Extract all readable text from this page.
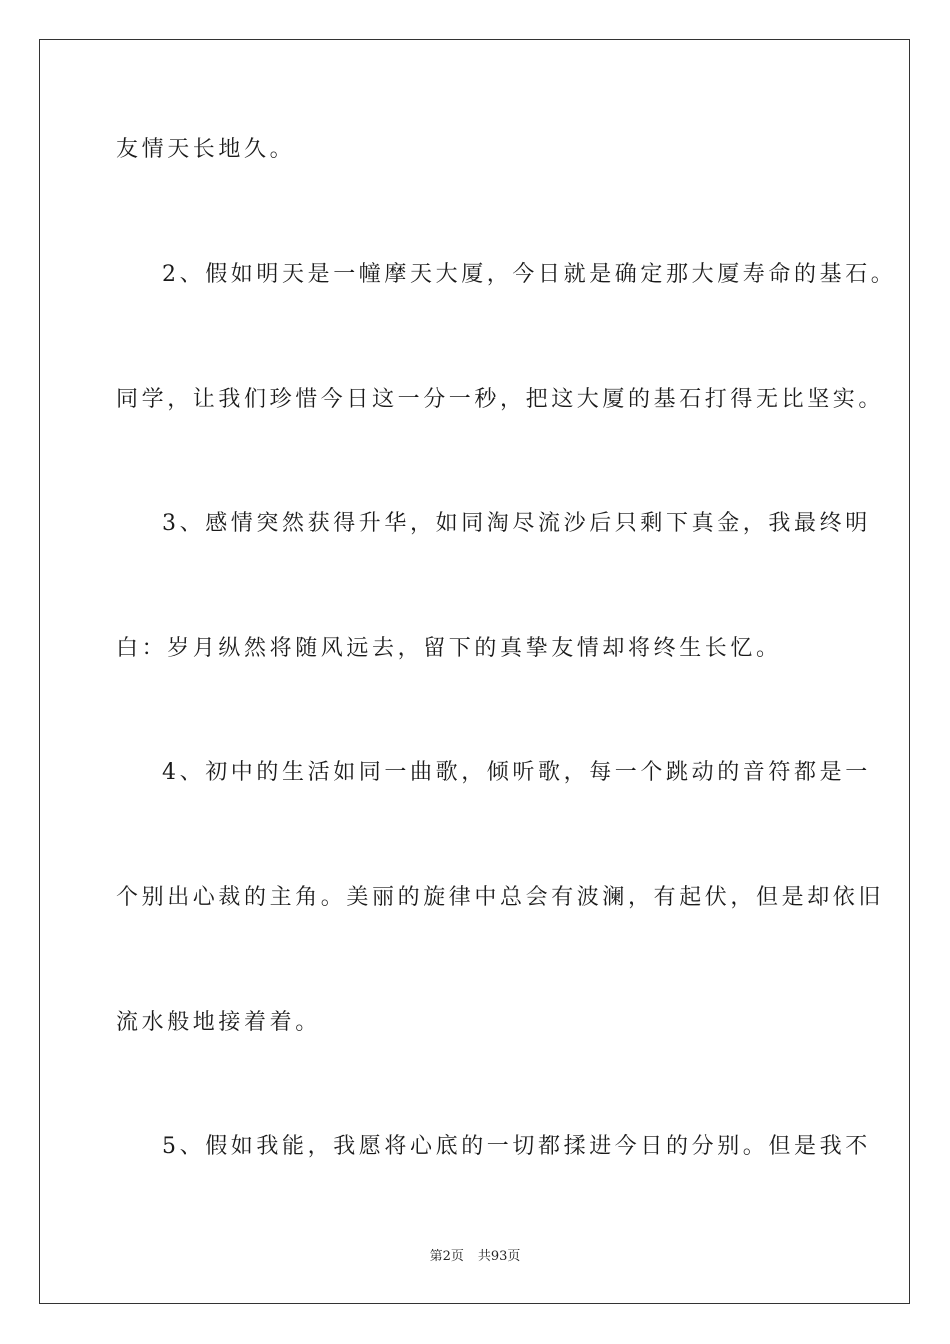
友情天长地久。
2、假如明天是一幢摩天大厦，今日就是确定那大厦寿命的基石。
同学，让我们珍惜今日这一分一秒，把这大厦的基石打得无比坚实。
3、感情突然获得升华，如同淘尽流沙后只剩下真金，我最终明
白：岁月纵然将随风远去，留下的真挚友情却将终生长忆。
4、初中的生活如同一曲歌，倾听歌，每一个跳动的音符都是一
个别出心裁的主角。美丽的旋律中总会有波澜，有起伏，但是却依旧
流水般地接着着。
5、假如我能，我愿将心底的一切都揉进今日的分别。但是我不
第2页 共93页
